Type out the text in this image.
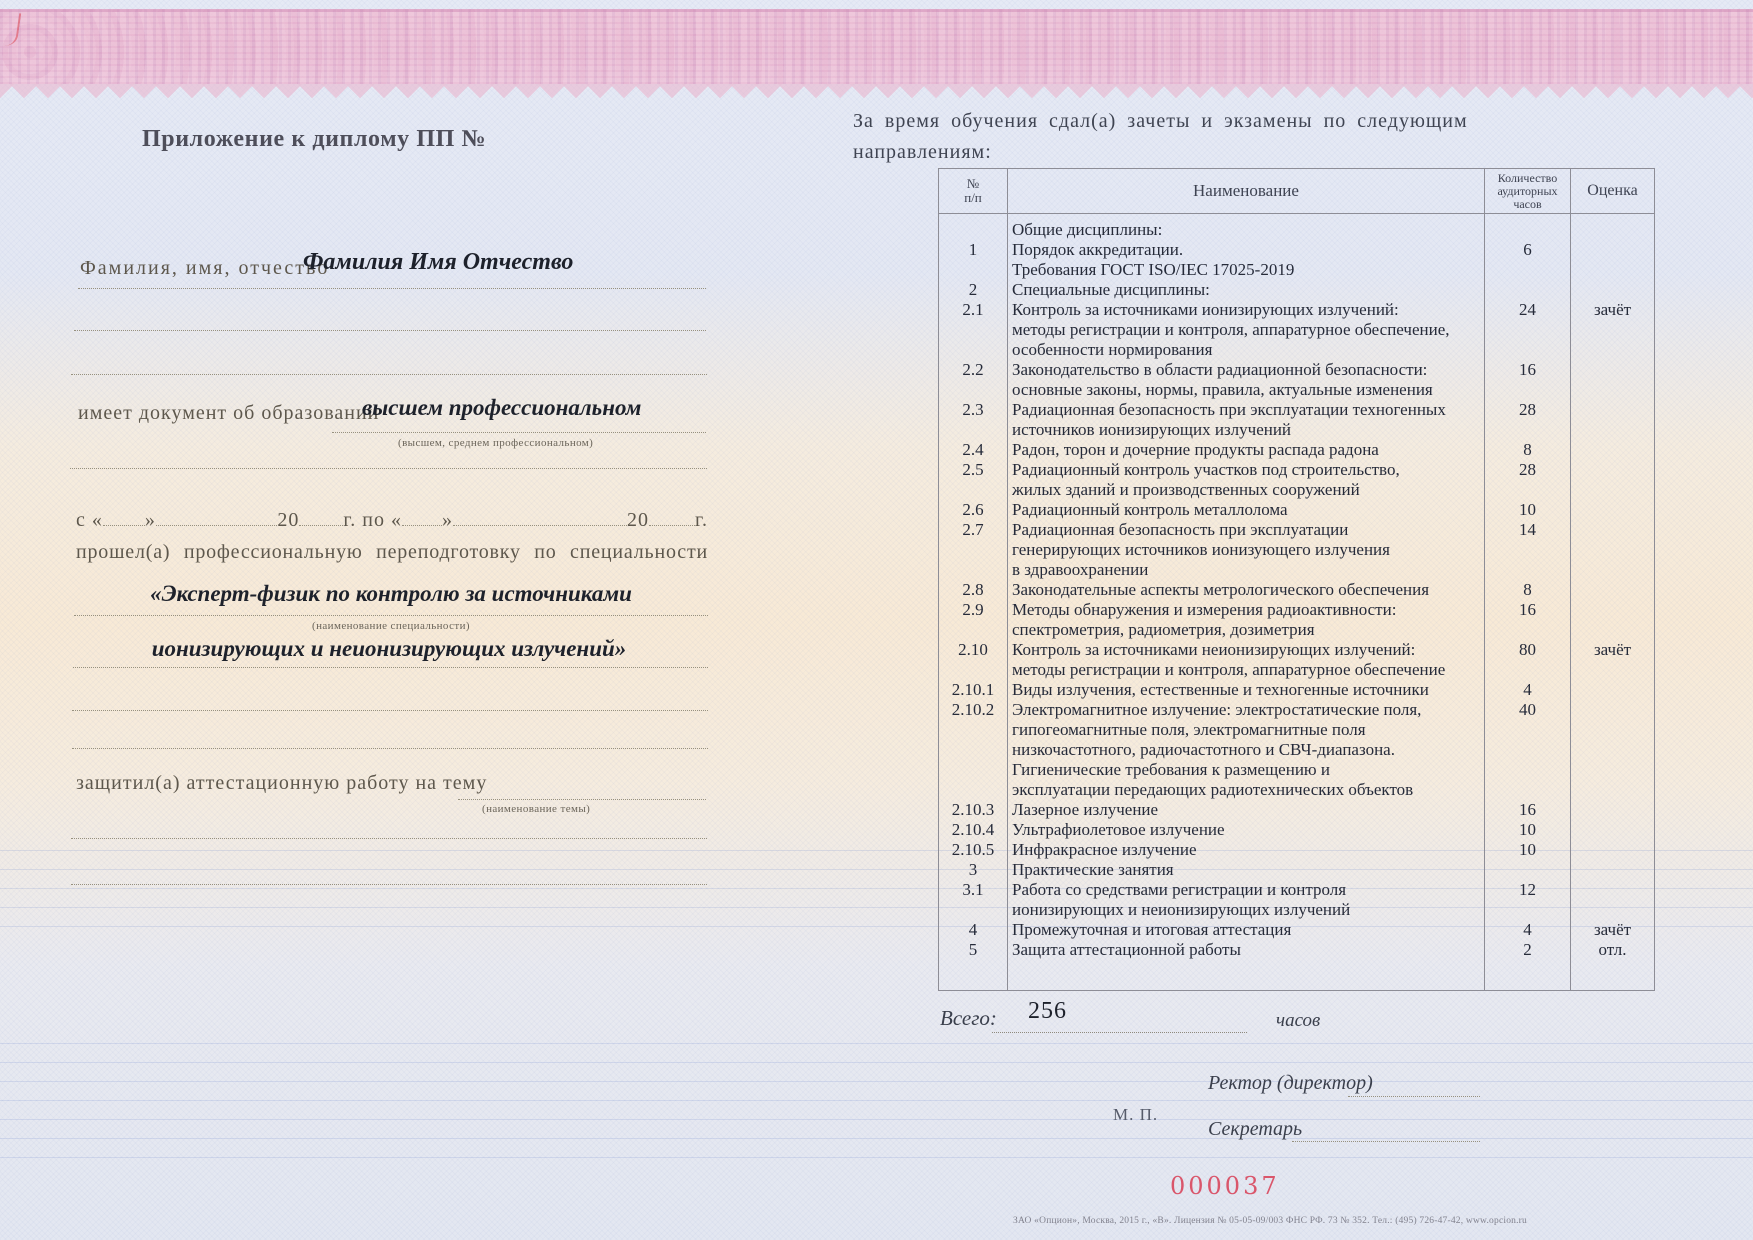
Приложение к диплому ПП №
Фамилия, имя, отчество
Фамилия Имя Отчество
имеет документ об образовании
высшем профессиональном
(высшем, среднем профессиональном)
с « »	20 г. по « »	20 г.
прошел(а) профессиональную переподготовку по специальности
«Эксперт-физик по контролю за источниками
(наименование специальности)
ионизирующих и неионизирующих излучений»
защитил(а) аттестационную работу на тему
(наименование темы)
За время обучения сдал(а) зачеты и экзамены по следующим
направлениям:
№
п/п	Наименование	
Количество
аудиторных
часов
	Оценка

	Общие дисциплины:		

1	Порядок аккредитации.
Требования ГОСТ ISO/IEC 17025-2019	6	
2	Специальные дисциплины:		

2.1	Контроль за источниками ионизирующих излучений:
методы регистрации и контроля, аппаратурное обеспечение,
особенности нормирования	24	зачёт
2.2	Законодательство в области радиационной безопасности:
основные законы, нормы, правила, актуальные изменения	16	
2.3	Радиационная безопасность при эксплуатации техногенных
источников ионизирующих излучений	28	
2.4	Радон, торон и дочерние продукты распада радона	8	
2.5	Радиационный контроль участков под строительство,
жилых зданий и производственных сооружений	28	
2.6	Радиационный контроль металлолома	10	
2.7	Радиационная безопасность при эксплуатации
генерирующих источников ионизующего излучения
в здравоохранении	14	
2.8	Законодательные аспекты метрологического обеспечения	8	
2.9	Методы обнаружения и измерения радиоактивности:
спектрометрия, радиометрия, дозиметрия	16	
2.10	Контроль за источниками неионизирующих излучений:
методы регистрации и контроля, аппаратурное обеспечение	80	зачёт
2.10.1	Виды излучения, естественные и техногенные источники	4	
2.10.2	Электромагнитное излучение: электростатические поля,
гипогеомагнитные поля, электромагнитные поля
низкочастотного, радиочастотного и СВЧ-диапазона.
Гигиенические требования к размещению и
эксплуатации передающих радиотехнических объектов	40	
2.10.3	Лазерное излучение	16	
2.10.4	Ультрафиолетовое излучение	10	
2.10.5	Инфракрасное излучение	10	
3	Практические занятия		

3.1	Работа со средствами регистрации и контроля
ионизирующих и неионизирующих излучений	12	
4	Промежуточная и итоговая аттестация	4	зачёт
5	Защита аттестационной работы	2	отл.

Всего: 256	часов
Ректор (директор)
М. П.
Секретарь
000037
ЗАО «Опцион», Москва, 2015 г., «В». Лицензия № 05-05-09/003 ФНС РФ. 73 № 352. Тел.: (495) 726-47-42, www.opcion.ru
